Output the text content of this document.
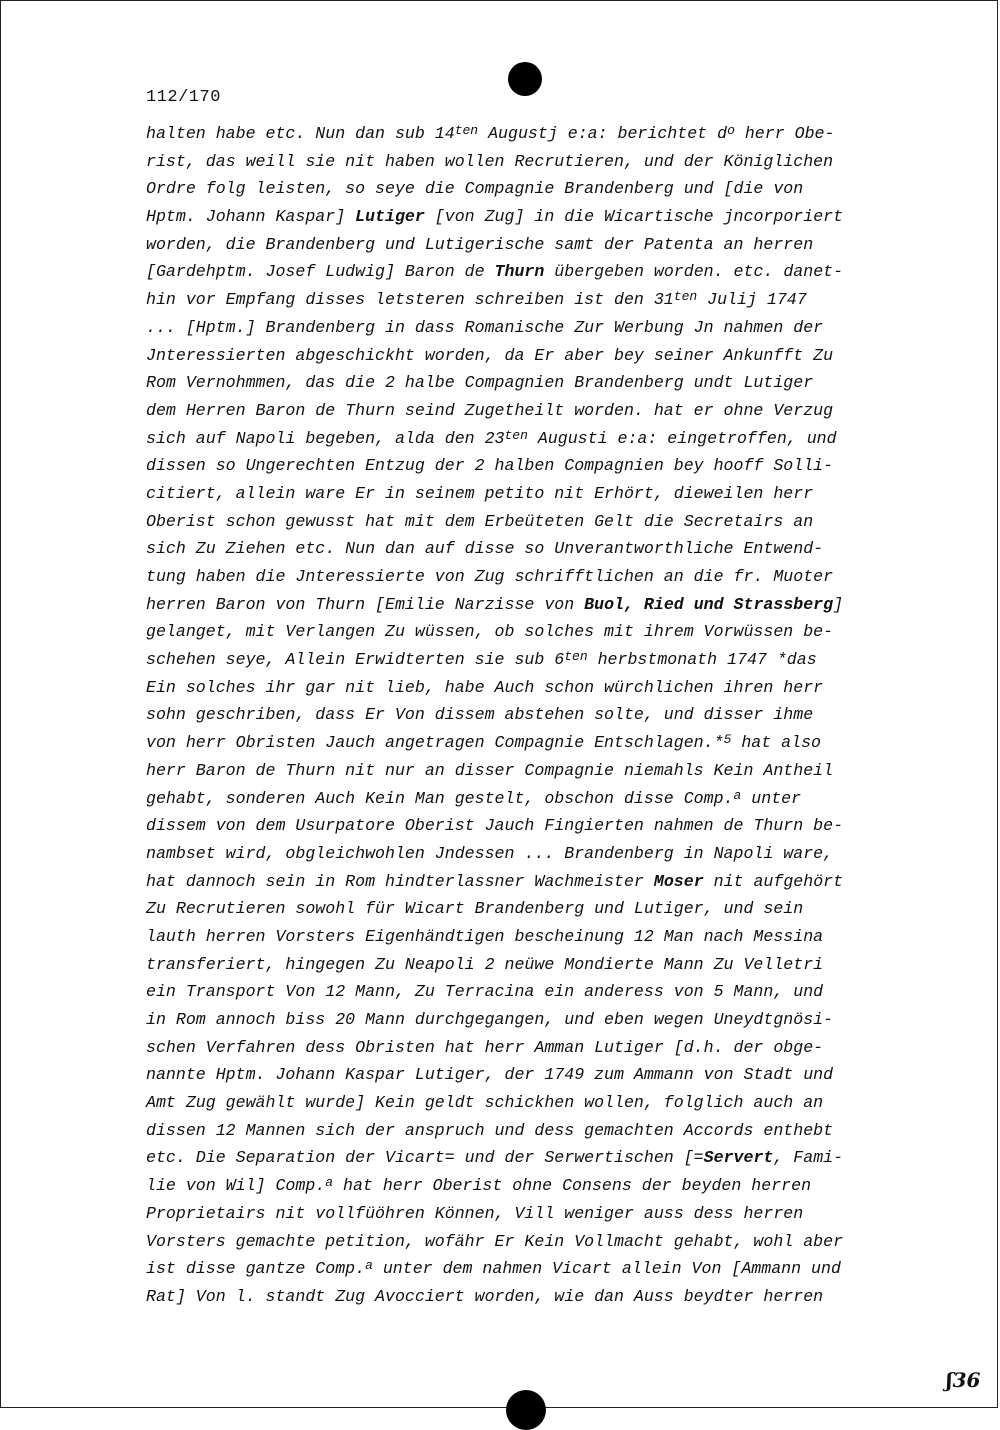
112/170
halten habe etc. Nun dan sub $14^{ten}$ Augustj e:a: berichtet $d^o$ herr Obe-
rist, das weill sie nit haben wollen Recrutieren, und der Königlichen
Ordre folg leisten, so seye die Compagnie Brandenberg und [die von
Hptm. Johann Kaspar] Lutiger [von Zug] in die Wicartische jncorporiert
worden, die Brandenberg und Lutigerische samt der Patenta an herren
[Gardehptm. Josef Ludwig] Baron de Thurn übergeben worden. etc. danet-
hin vor Empfang disses letsteren schreiben ist den $31^{ten}$ Julij 1747
... [Hptm.] Brandenberg in dass Romanische Zur Werbung Jn nahmen der
Jnteressierten abgeschickht worden, da Er aber bey seiner Ankunfft Zu
Rom Vernohmmen, das die 2 halbe Compagnien Brandenberg undt Lutiger
dem Herren Baron de Thurn seind Zugetheilt worden. hat er ohne Verzug
sich auf Napoli begeben, alda den $23^{ten}$ Augusti e:a: eingetroffen, und
dissen so Ungerechten Entzug der 2 halben Compagnien bey hooff Solli-
citiert, allein ware Er in seinem petito nit Erhört, dieweilen herr
Oberist schon gewusst hat mit dem Erbeüteten Gelt die Secretairs an
sich Zu Ziehen etc. Nun dan auf disse so Unverantworthliche Entwend-
tung haben die Jnteressierte von Zug schrifftlichen an die fr. Muoter
herren Baron von Thurn [Emilie Narzisse von Buol, Ried und Strassberg]
gelanget, mit Verlangen Zu wüssen, ob solches mit ihrem Vorwüssen be-
schehen seye, Allein Erwidterten sie sub $6^{ten}$ herbstmonath 1747 *das
Ein solches ihr gar nit lieb, habe Auch schon würchlichen ihren herr
sohn geschriben, dass Er Von dissem abstehen solte, und disser ihme
von herr Obristen Jauch angetragen Compagnie Entschlagen.*$^5$ hat also
herr Baron de Thurn nit nur an disser Compagnie niemahls Kein Antheil
gehabt, sonderen Auch Kein Man gestelt, obschon disse Comp.$^a$ unter
dissem von dem Usurpatore Oberist Jauch Fingierten nahmen de Thurn be-
nambset wird, obgleichwohlen Jndessen ... Brandenberg in Napoli ware,
hat dannoch sein in Rom hindterlassner Wachmeister Moser nit aufgehört
Zu Recrutieren sowohl für Wicart Brandenberg und Lutiger, und sein
lauth herren Vorsters Eigenhändtigen bescheinung 12 Man nach Messina
transferiert, hingegen Zu Neapoli 2 neüwe Mondierte Mann Zu Velletri
ein Transport Von 12 Mann, Zu Terracina ein anderess von 5 Mann, und
in Rom annoch biss 20 Mann durchgegangen, und eben wegen Uneydtgnösi-
schen Verfahren dess Obristen hat herr Amman Lutiger [d.h. der obge-
nannte Hptm. Johann Kaspar Lutiger, der 1749 zum Ammann von Stadt und
Amt Zug gewählt wurde] Kein geldt schickhen wollen, folglich auch an
dissen 12 Mannen sich der anspruch und dess gemachten Accords enthebt
etc. Die Separation der Vicart= und der Serwertischen [=Servert, Fami-
lie von Wil] Comp.$^a$ hat herr Oberist ohne Consens der beyden herren
Proprietairs nit vollfüöhren Können, Vill weniger auss dess herren
Vorsters gemachte petition, wofähr Er Kein Vollmacht gehabt, wohl aber
ist disse gantze Comp.$^a$ unter dem nahmen Vicart allein Von [Ammann und
Rat] Von l. standt Zug Avocciert worden, wie dan Auss beydter herren
ʃ36
